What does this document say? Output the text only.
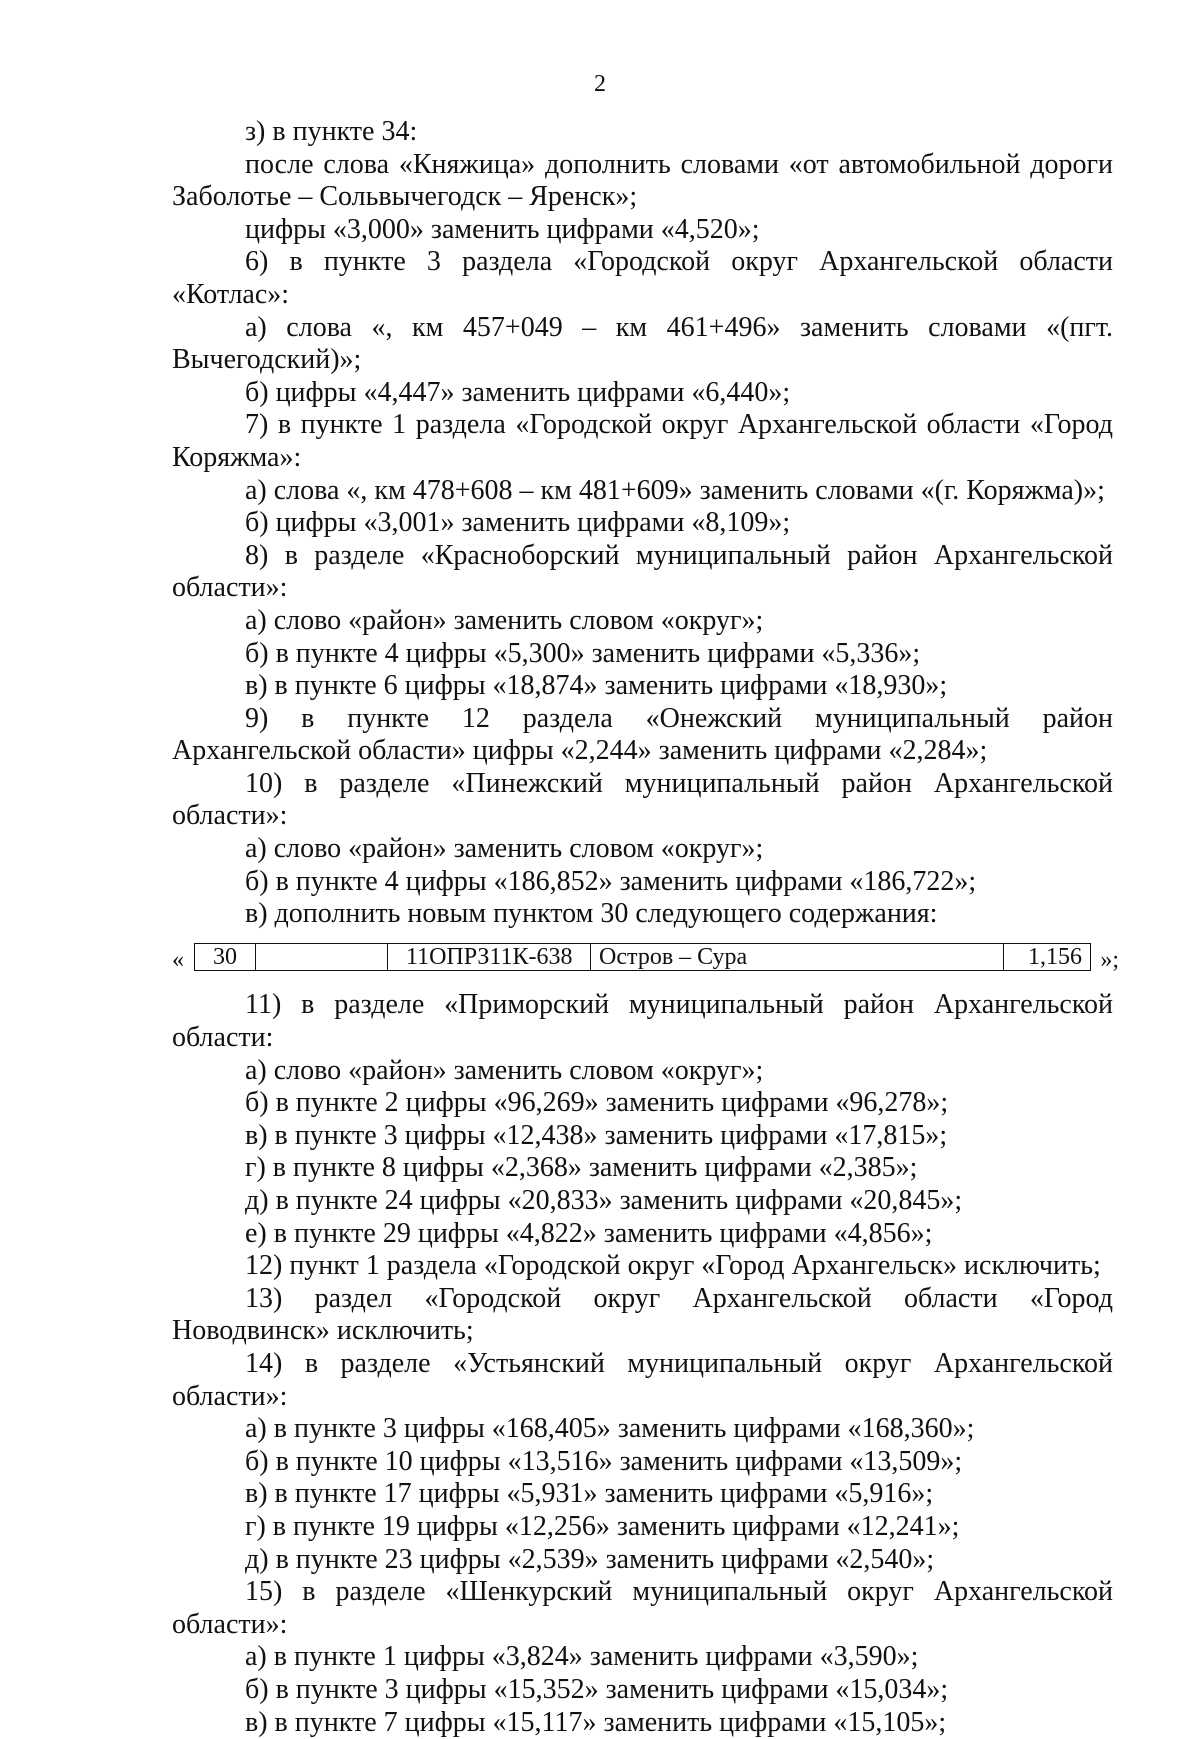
2

з) в пункте 34:

после слова «Княжица» дополнить словами «от автомобильной дороги Заболотье – Сольвычегодск – Яренск»;

цифры «3,000» заменить цифрами «4,520»;

6) в пункте 3 раздела «Городской округ Архангельской области «Котлас»:

а) слова «, км 457+049 – км 461+496» заменить словами «(пгт. Вычегодский)»;

б) цифры «4,447» заменить цифрами «6,440»;

7) в пункте 1 раздела «Городской округ Архангельской области «Город Коряжма»:

а) слова «, км 478+608 – км 481+609» заменить словами «(г. Коряжма)»;

б) цифры «3,001» заменить цифрами «8,109»;

8) в разделе «Красноборский муниципальный район Архангельской области»:

а) слово «район» заменить словом «округ»;

б) в пункте 4 цифры «5,300» заменить цифрами «5,336»;

в) в пункте 6 цифры «18,874» заменить цифрами «18,930»;

9) в пункте 12 раздела «Онежский муниципальный район Архангельской области» цифры «2,244» заменить цифрами «2,284»;

10) в разделе «Пинежский муниципальный район Архангельской области»:

а) слово «район» заменить словом «округ»;

б) в пункте 4 цифры «186,852» заменить цифрами «186,722»;

в) дополнить новым пунктом 30 следующего содержания:

« 30		11ОПРЗ11К-638	Остров – Сура	1,156 »;

11) в разделе «Приморский муниципальный район Архангельской области:

а) слово «район» заменить словом «округ»;

б) в пункте 2 цифры «96,269» заменить цифрами «96,278»;

в) в пункте 3 цифры «12,438» заменить цифрами «17,815»;

г) в пункте 8 цифры «2,368» заменить цифрами «2,385»;

д) в пункте 24 цифры «20,833» заменить цифрами «20,845»;

е) в пункте 29 цифры «4,822» заменить цифрами «4,856»;

12) пункт 1 раздела «Городской округ «Город Архангельск» исключить;

13) раздел «Городской округ Архангельской области «Город Новодвинск» исключить;

14) в разделе «Устьянский муниципальный округ Архангельской области»:

а) в пункте 3 цифры «168,405» заменить цифрами «168,360»;

б) в пункте 10 цифры «13,516» заменить цифрами «13,509»;

в) в пункте 17 цифры «5,931» заменить цифрами «5,916»;

г) в пункте 19 цифры «12,256» заменить цифрами «12,241»;

д) в пункте 23 цифры «2,539» заменить цифрами «2,540»;

15) в разделе «Шенкурский муниципальный округ Архангельской области»:

а) в пункте 1 цифры «3,824» заменить цифрами «3,590»;

б) в пункте 3 цифры «15,352» заменить цифрами «15,034»;

в) в пункте 7 цифры «15,117» заменить цифрами «15,105»;
